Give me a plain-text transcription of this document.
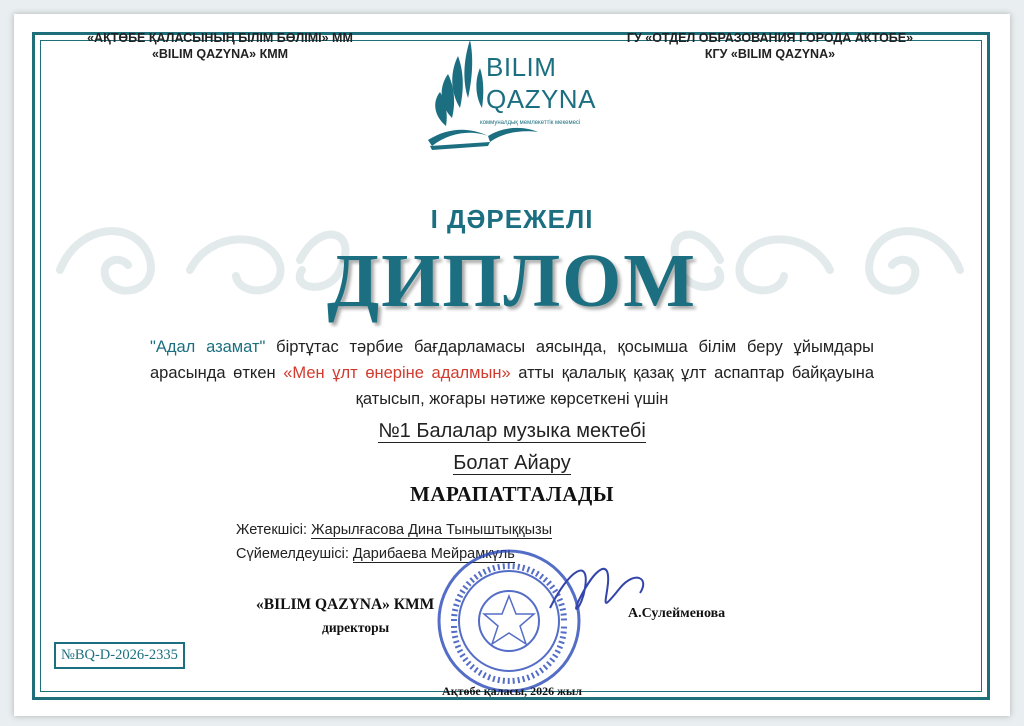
«АҚТӨБЕ ҚАЛАСЫНЫҢ БІЛІМ БӨЛІМІ» ММ
«BILIM QAZYNA» КММ
ГУ «ОТДЕЛ ОБРАЗОВАНИЯ ГОРОДА АКТОБЕ»
КГУ «BILIM QAZYNA»
BILIM
QAZYNA
коммуналдық мемлекеттік мекемесі
І ДӘРЕЖЕЛІ
ДИПЛОМ
"Адал азамат" біртұтас тәрбие бағдарламасы аясында, қосымша білім беру ұйымдары арасында өткен «Мен ұлт өнеріне адалмын» атты қалалық қазақ ұлт аспаптар байқауына қатысып, жоғары нәтиже көрсеткені үшін
№1 Балалар музыка мектебі
Болат Айару
МАРАПАТТАЛАДЫ
Жетекшісі: Жарылғасова Дина Тыныштыққызы
Сүйемелдеушісі: Дарибаева Мейрамкүль
«BILIM QAZYNA» КММ
директоры
А.Сулейменова
№BQ-D-2026-2335
Ақтөбе қаласы, 2026 жыл
